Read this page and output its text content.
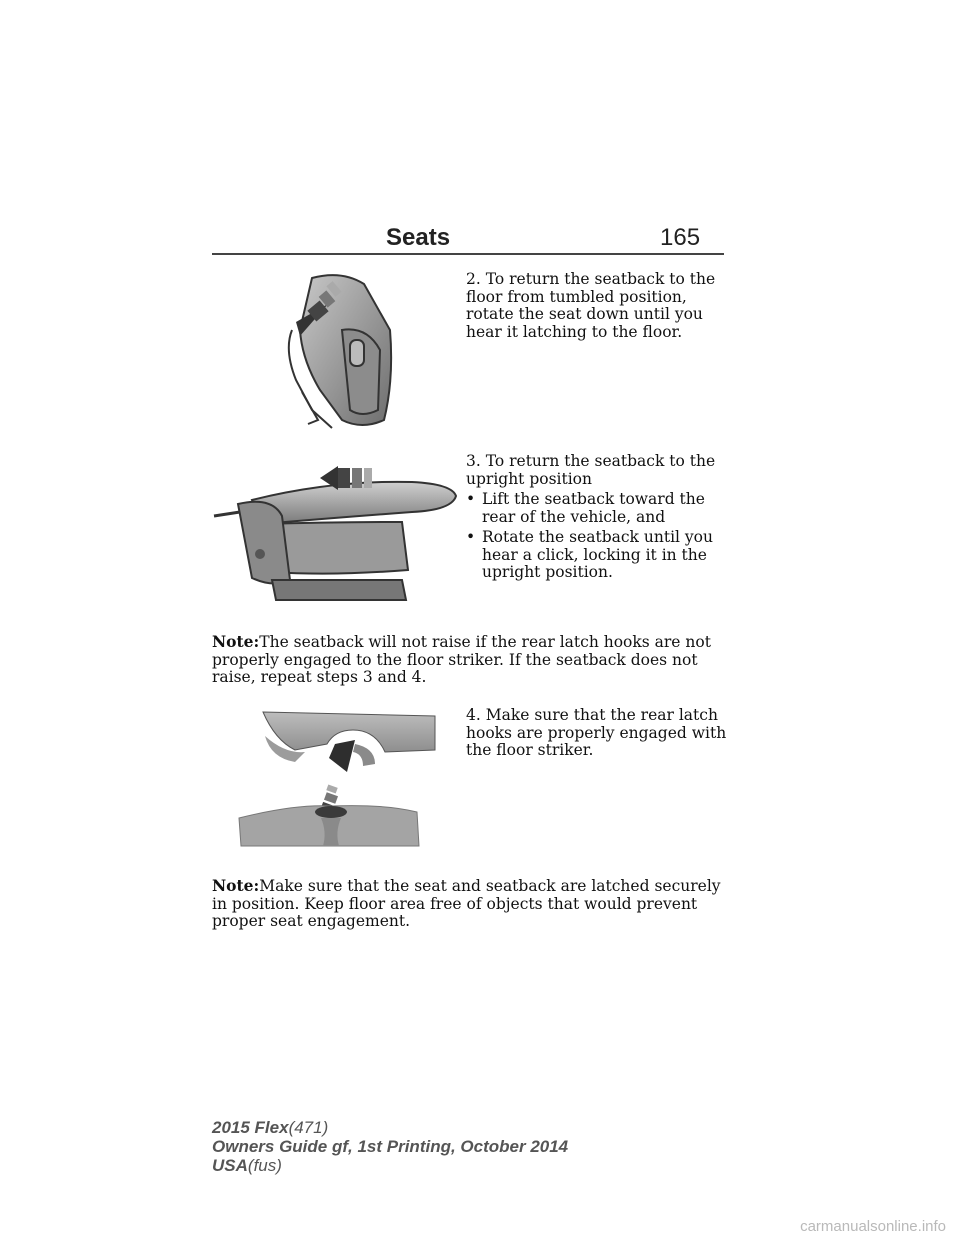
Seats	165
2. To return the seatback to the floor from tumbled position, rotate the seat down until you hear it latching to the floor.
3. To return the seatback to the upright position
• Lift the seatback toward the rear of the vehicle, and
• Rotate the seatback until you hear a click, locking it in the upright position.
Note:The seatback will not raise if the rear latch hooks are not properly engaged to the floor striker. If the seatback does not raise, repeat steps 3 and 4.
4. Make sure that the rear latch hooks are properly engaged with the floor striker.
Note:Make sure that the seat and seatback are latched securely in position. Keep floor area free of objects that would prevent proper seat engagement.
2015 Flex(471)
Owners Guide gf, 1st Printing, October 2014
USA(fus)
carmanualsonline.info
